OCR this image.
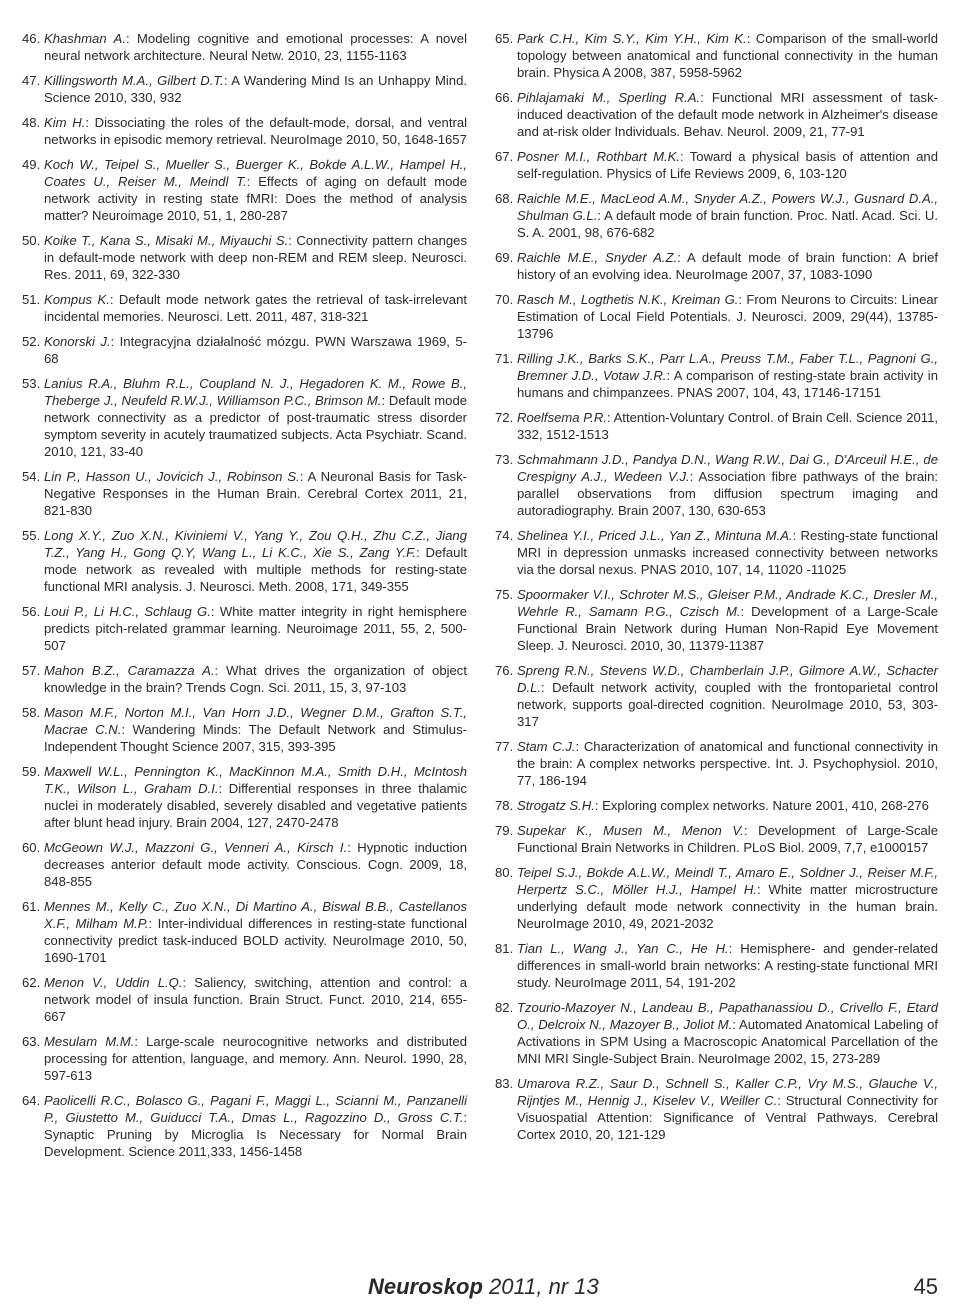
46. Khashman A.: Modeling cognitive and emotional processes: A novel neural network architecture. Neural Netw. 2010, 23, 1155-1163
47. Killingsworth M.A., Gilbert D.T.: A Wandering Mind Is an Unhappy Mind. Science 2010, 330, 932
48. Kim H.: Dissociating the roles of the default-mode, dorsal, and ventral networks in episodic memory retrieval. NeuroImage 2010, 50, 1648-1657
49. Koch W., Teipel S., Mueller S., Buerger K., Bokde A.L.W., Hampel H., Coates U., Reiser M., Meindl T.: Effects of aging on default mode network activity in resting state fMRI: Does the method of analysis matter? Neuroimage 2010, 51, 1, 280-287
50. Koike T., Kana S., Misaki M., Miyauchi S.: Connectivity pattern changes in default-mode network with deep non-REM and REM sleep. Neurosci. Res. 2011, 69, 322-330
51. Kompus K.: Default mode network gates the retrieval of task-irrelevant incidental memories. Neurosci. Lett. 2011, 487, 318-321
52. Konorski J.: Integracyjna działalność mózgu. PWN Warszawa 1969, 5-68
53. Lanius R.A., Bluhm R.L., Coupland N. J., Hegadoren K. M., Rowe B., Theberge J., Neufeld R.W.J., Williamson P.C., Brimson M.: Default mode network connectivity as a predictor of post-traumatic stress disorder symptom severity in acutely traumatized subjects. Acta Psychiatr. Scand. 2010, 121, 33-40
54. Lin P., Hasson U., Jovicich J., Robinson S.: A Neuronal Basis for Task-Negative Responses in the Human Brain. Cerebral Cortex 2011, 21, 821-830
55. Long X.Y., Zuo X.N., Kiviniemi V., Yang Y., Zou Q.H., Zhu C.Z., Jiang T.Z., Yang H., Gong Q.Y, Wang L., Li K.C., Xie S., Zang Y.F.: Default mode network as revealed with multiple methods for resting-state functional MRI analysis. J. Neurosci. Meth. 2008, 171, 349-355
56. Loui P., Li H.C., Schlaug G.: White matter integrity in right hemisphere predicts pitch-related grammar learning. Neuroimage 2011, 55, 2, 500-507
57. Mahon B.Z., Caramazza A.: What drives the organization of object knowledge in the brain? Trends Cogn. Sci. 2011, 15, 3, 97-103
58. Mason M.F., Norton M.I., Van Horn J.D., Wegner D.M., Grafton S.T., Macrae C.N.: Wandering Minds: The Default Network and Stimulus-Independent Thought Science 2007, 315, 393-395
59. Maxwell W.L., Pennington K., MacKinnon M.A., Smith D.H., McIntosh T.K., Wilson L., Graham D.I.: Differential responses in three thalamic nuclei in moderately disabled, severely disabled and vegetative patients after blunt head injury. Brain 2004, 127, 2470-2478
60. McGeown W.J., Mazzoni G., Venneri A., Kirsch I.: Hypnotic induction decreases anterior default mode activity. Conscious. Cogn. 2009, 18, 848-855
61. Mennes M., Kelly C., Zuo X.N., Di Martino A., Biswal B.B., Castellanos X.F., Milham M.P.: Inter-individual differences in resting-state functional connectivity predict task-induced BOLD activity. NeuroImage 2010, 50, 1690-1701
62. Menon V., Uddin L.Q.: Saliency, switching, attention and control: a network model of insula function. Brain Struct. Funct. 2010, 214, 655-667
63. Mesulam M.M.: Large-scale neurocognitive networks and distributed processing for attention, language, and memory. Ann. Neurol. 1990, 28, 597-613
64. Paolicelli R.C., Bolasco G., Pagani F., Maggi L., Scianni M., Panzanelli P., Giustetto M., Guiducci T.A., Dmas L., Ragozzino D., Gross C.T.: Synaptic Pruning by Microglia Is Necessary for Normal Brain Development. Science 2011,333, 1456-1458
65. Park C.H., Kim S.Y., Kim Y.H., Kim K.: Comparison of the small-world topology between anatomical and functional connectivity in the human brain. Physica A 2008, 387, 5958-5962
66. Pihlajamaki M., Sperling R.A.: Functional MRI assessment of task-induced deactivation of the default mode network in Alzheimer's disease and at-risk older Individuals. Behav. Neurol. 2009, 21, 77-91
67. Posner M.I., Rothbart M.K.: Toward a physical basis of attention and self-regulation. Physics of Life Reviews 2009, 6, 103-120
68. Raichle M.E., MacLeod A.M., Snyder A.Z., Powers W.J., Gusnard D.A., Shulman G.L.: A default mode of brain function. Proc. Natl. Acad. Sci. U. S. A. 2001, 98, 676-682
69. Raichle M.E., Snyder A.Z.: A default mode of brain function: A brief history of an evolving idea. NeuroImage 2007, 37, 1083-1090
70. Rasch M., Logthetis N.K., Kreiman G.: From Neurons to Circuits: Linear Estimation of Local Field Potentials. J. Neurosci. 2009, 29(44), 13785-13796
71. Rilling J.K., Barks S.K., Parr L.A., Preuss T.M., Faber T.L., Pagnoni G., Bremner J.D., Votaw J.R.: A comparison of resting-state brain activity in humans and chimpanzees. PNAS 2007, 104, 43, 17146-17151
72. Roelfsema P.R.: Attention-Voluntary Control. of Brain Cell. Science 2011, 332, 1512-1513
73. Schmahmann J.D., Pandya D.N., Wang R.W., Dai G., D'Arceuil H.E., de Crespigny A.J., Wedeen V.J.: Association fibre pathways of the brain: parallel observations from diffusion spectrum imaging and autoradiography. Brain 2007, 130, 630-653
74. Shelinea Y.I., Priced J.L., Yan Z., Mintuna M.A.: Resting-state functional MRI in depression unmasks increased connectivity between networks via the dorsal nexus. PNAS 2010, 107, 14, 11020 -11025
75. Spoormaker V.I., Schroter M.S., Gleiser P.M., Andrade K.C., Dresler M., Wehrle R., Samann P.G., Czisch M.: Development of a Large-Scale Functional Brain Network during Human Non-Rapid Eye Movement Sleep. J. Neurosci. 2010, 30, 11379-11387
76. Spreng R.N., Stevens W.D., Chamberlain J.P., Gilmore A.W., Schacter D.L.: Default network activity, coupled with the frontoparietal control network, supports goal-directed cognition. NeuroImage 2010, 53, 303-317
77. Stam C.J.: Characterization of anatomical and functional connectivity in the brain: A complex networks perspective. Int. J. Psychophysiol. 2010, 77, 186-194
78. Strogatz S.H.: Exploring complex networks. Nature 2001, 410, 268-276
79. Supekar K., Musen M., Menon V.: Development of Large-Scale Functional Brain Networks in Children. PLoS Biol. 2009, 7,7, e1000157
80. Teipel S.J., Bokde A.L.W., Meindl T., Amaro E., Soldner J., Reiser M.F., Herpertz S.C., Möller H.J., Hampel H.: White matter microstructure underlying default mode network connectivity in the human brain. NeuroImage 2010, 49, 2021-2032
81. Tian L., Wang J., Yan C., He H.: Hemisphere- and gender-related differences in small-world brain networks: A resting-state functional MRI study. NeuroImage 2011, 54, 191-202
82. Tzourio-Mazoyer N., Landeau B., Papathanassiou D., Crivello F., Etard O., Delcroix N., Mazoyer B., Joliot M.: Automated Anatomical Labeling of Activations in SPM Using a Macroscopic Anatomical Parcellation of the MNI MRI Single-Subject Brain. NeuroImage 2002, 15, 273-289
83. Umarova R.Z., Saur D., Schnell S., Kaller C.P., Vry M.S., Glauche V., Rijntjes M., Hennig J., Kiselev V., Weiller C.: Structural Connectivity for Visuospatial Attention: Significance of Ventral Pathways. Cerebral Cortex 2010, 20, 121-129
Neuroskop 2011, nr 13	45
